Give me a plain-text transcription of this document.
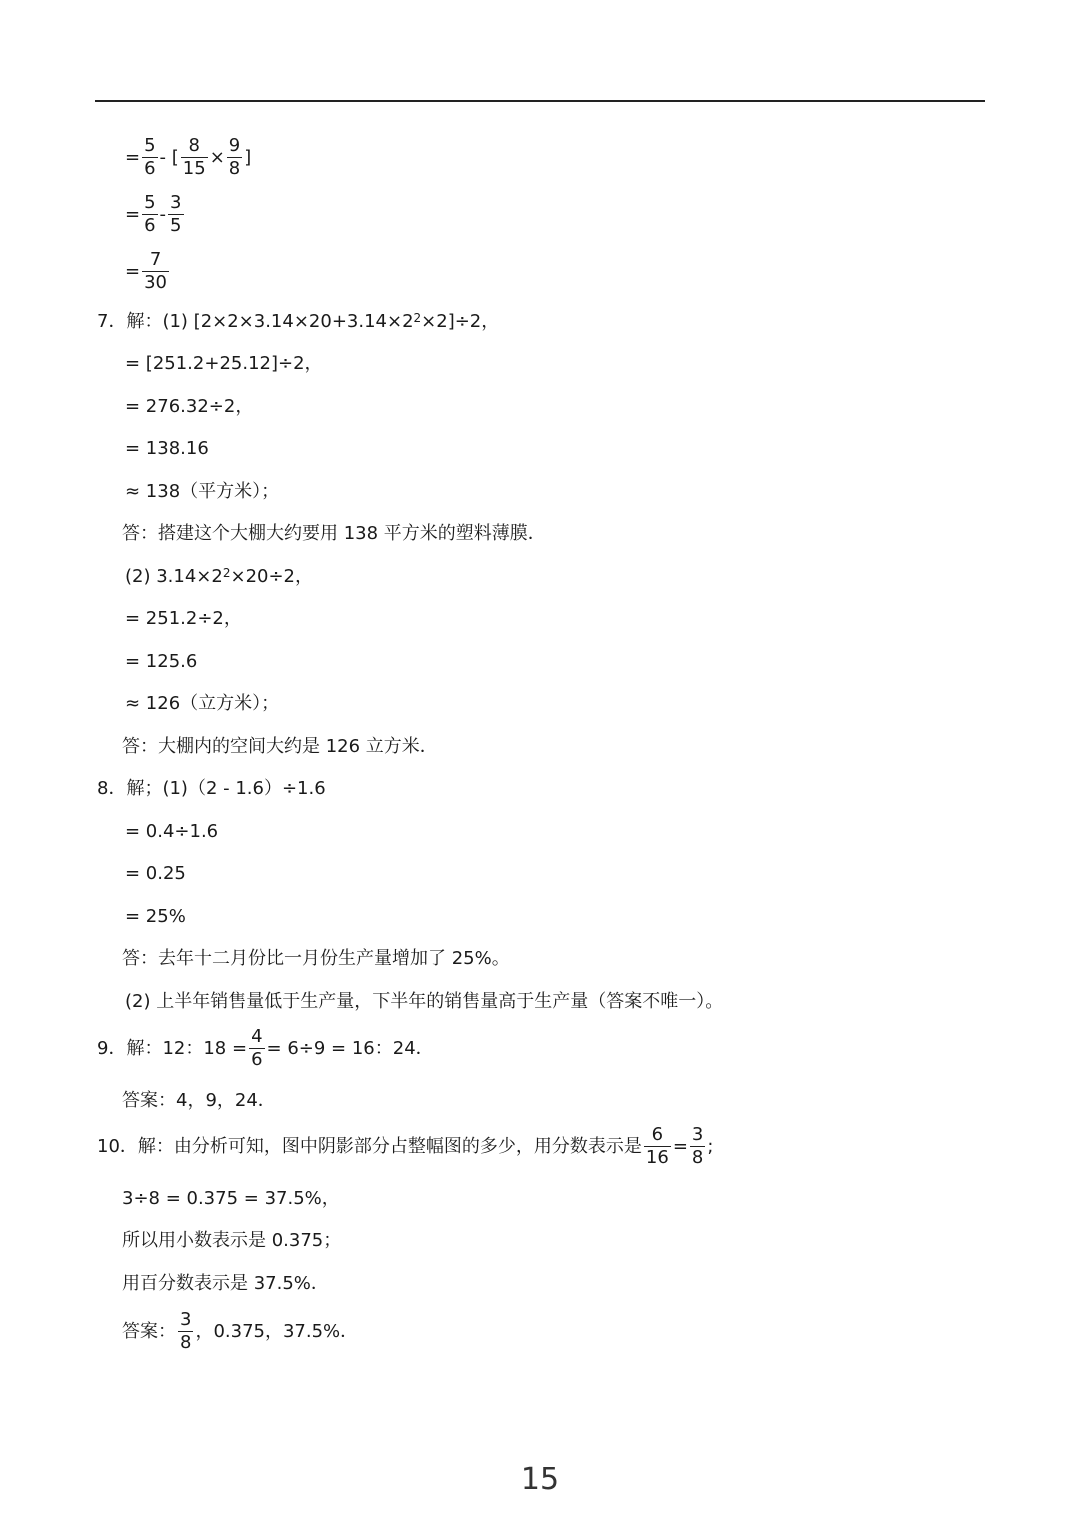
= $\frac{5}{6}$ - [ $\frac{8}{15} \times \frac{9}{8}$ ]
= $\frac{5}{6} - \frac{3}{5}$
= $\frac{7}{30}$
7．解：(1) $[2\times 2\times 3.14\times 20+3.14\times 2^2 \times 2]\div 2$，
= [251.2+25.12]÷2，
= 276.32÷2，
= 138.16
≈ 138（平方米）；
答：搭建这个大棚大约要用 138 平方米的塑料薄膜．
(2) $3.14\times 2^2 \times 20\div 2$，
= 251.2÷2，
= 125.6
≈ 126（立方米）；
答：大棚内的空间大约是 126 立方米．
8．解；(1)（2 - 1.6）÷1.6
= 0.4÷1.6
= 0.25
= 25%
答：去年十二月份比一月份生产量增加了 25%。
(2) 上半年销售量低于生产量，下半年的销售量高于生产量（答案不唯一）。
9．解：12：$18 = \frac{4}{6} = 6\div 9 = 16$：24．
答案：4，9，24．
10．解：由分析可知，图中阴影部分占整幅图的多少，用分数表示是 $\frac{6}{16} = \frac{3}{8}$ ;
3÷8 = 0.375 = 37.5%，
所以用小数表示是 0.375；
用百分数表示是 37.5%．
答案： $\frac{3}{8}$ ，0.375，37.5%．
15
